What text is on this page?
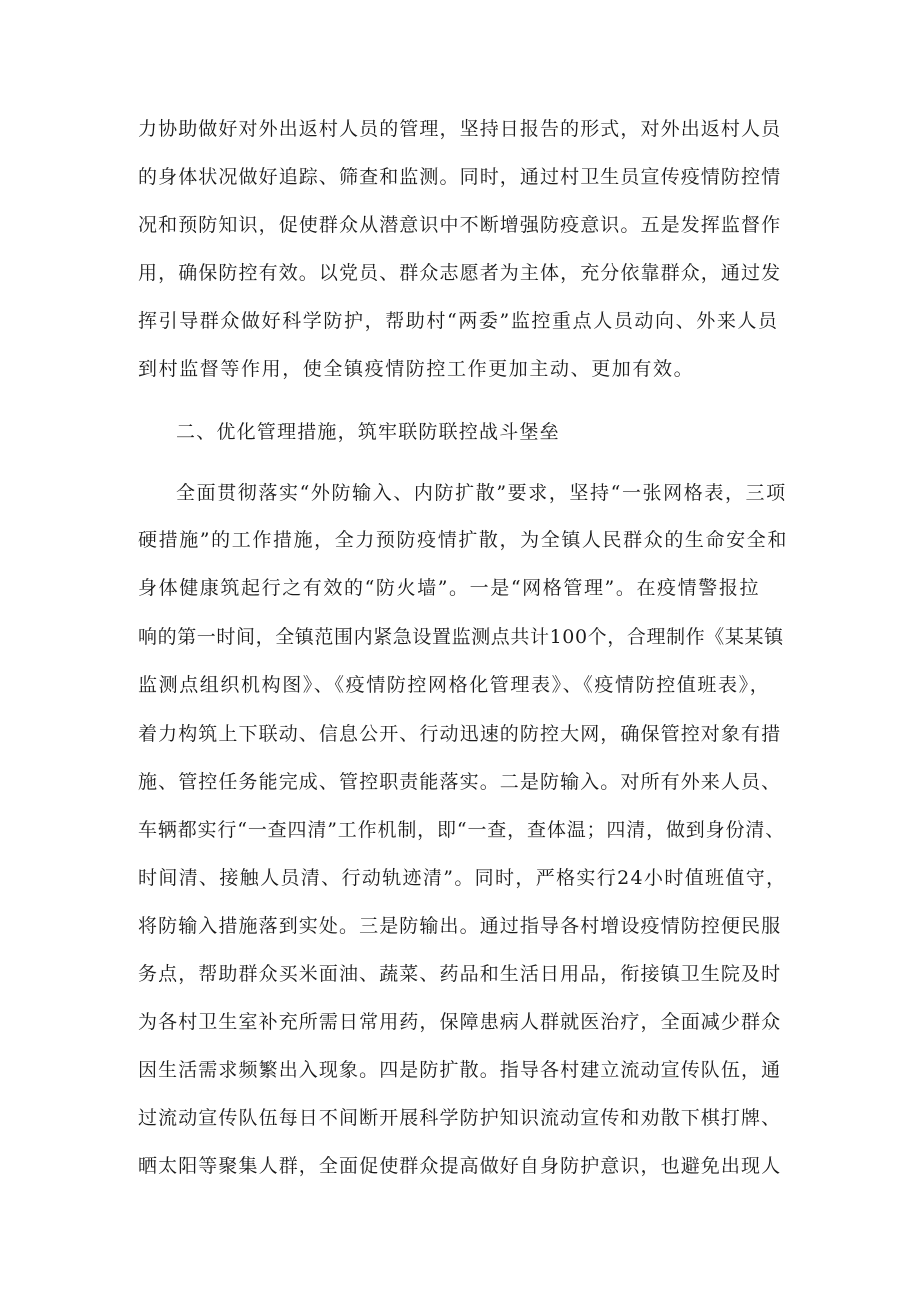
力协助做好对外出返村人员的管理，坚持日报告的形式，对外出返村人员
的身体状况做好追踪、筛查和监测。同时，通过村卫生员宣传疫情防控情
况和预防知识，促使群众从潜意识中不断增强防疫意识。五是发挥监督作
用，确保防控有效。以党员、群众志愿者为主体，充分依靠群众，通过发
挥引导群众做好科学防护，帮助村“两委”监控重点人员动向、外来人员
到村监督等作用，使全镇疫情防控工作更加主动、更加有效。
二、优化管理措施，筑牢联防联控战斗堡垒
全面贯彻落实“外防输入、内防扩散”要求，坚持“一张网格表，三项
硬措施”的工作措施，全力预防疫情扩散，为全镇人民群众的生命安全和
身体健康筑起行之有效的“防火墙”。一是“网格管理”。在疫情警报拉
响的第一时间，全镇范围内紧急设置监测点共计100个，合理制作《某某镇
监测点组织机构图》、《疫情防控网格化管理表》、《疫情防控值班表》，
着力构筑上下联动、信息公开、行动迅速的防控大网，确保管控对象有措
施、管控任务能完成、管控职责能落实。二是防输入。对所有外来人员、
车辆都实行“一查四清”工作机制，即“一查，查体温；四清，做到身份清、
时间清、接触人员清、行动轨迹清”。同时，严格实行24小时值班值守，
将防输入措施落到实处。三是防输出。通过指导各村增设疫情防控便民服
务点，帮助群众买米面油、蔬菜、药品和生活日用品，衔接镇卫生院及时
为各村卫生室补充所需日常用药，保障患病人群就医治疗，全面减少群众
因生活需求频繁出入现象。四是防扩散。指导各村建立流动宣传队伍，通
过流动宣传队伍每日不间断开展科学防护知识流动宣传和劝散下棋打牌、
晒太阳等聚集人群，全面促使群众提高做好自身防护意识，也避免出现人
